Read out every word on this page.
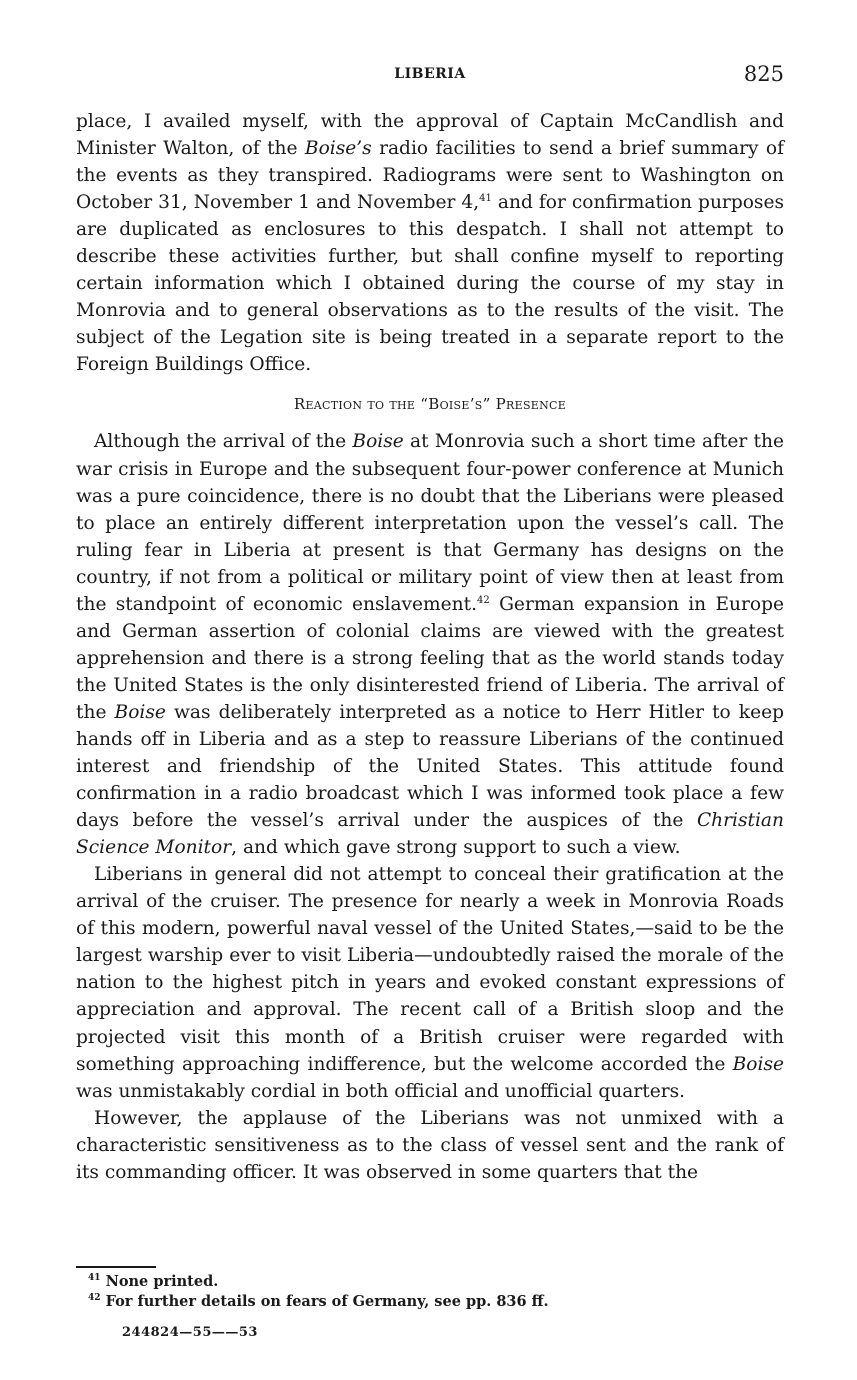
LIBERIA	825

place, I availed myself, with the approval of Captain McCandlish and Minister Walton, of the Boise’s radio facilities to send a brief summary of the events as they transpired. Radiograms were sent to Washington on October 31, November 1 and November 4,41 and for confirmation purposes are duplicated as enclosures to this despatch. I shall not attempt to describe these activities further, but shall confine myself to reporting certain information which I obtained during the course of my stay in Monrovia and to general observations as to the results of the visit. The subject of the Legation site is being treated in a separate report to the Foreign Buildings Office.

Reaction to the “Boise’s” Presence

Although the arrival of the Boise at Monrovia such a short time after the war crisis in Europe and the subsequent four-power conference at Munich was a pure coincidence, there is no doubt that the Liberians were pleased to place an entirely different interpretation upon the vessel’s call. The ruling fear in Liberia at present is that Germany has designs on the country, if not from a political or military point of view then at least from the standpoint of economic enslavement.$^{42}$ German expansion in Europe and German assertion of colonial claims are viewed with the greatest apprehension and there is a strong feeling that as the world stands today the United States is the only disinterested friend of Liberia. The arrival of the Boise was deliberately interpreted as a notice to Herr Hitler to keep hands off in Liberia and as a step to reassure Liberians of the continued interest and friendship of the United States. This attitude found confirmation in a radio broadcast which I was informed took place a few days before the vessel’s arrival under the auspices of the Christian Science Monitor, and which gave strong support to such a view.

Liberians in general did not attempt to conceal their gratification at the arrival of the cruiser. The presence for nearly a week in Monrovia Roads of this modern, powerful naval vessel of the United States,—said to be the largest warship ever to visit Liberia—undoubtedly raised the morale of the nation to the highest pitch in years and evoked constant expressions of appreciation and approval. The recent call of a British sloop and the projected visit this month of a British cruiser were regarded with something approaching indifference, but the welcome accorded the Boise was unmistakably cordial in both official and unofficial quarters.

However, the applause of the Liberians was not unmixed with a characteristic sensitiveness as to the class of vessel sent and the rank of its commanding officer. It was observed in some quarters that the

$^{41}$ None printed.

$^{42}$ For further details on fears of Germany, see pp. 836 ff.

244824—55——53
